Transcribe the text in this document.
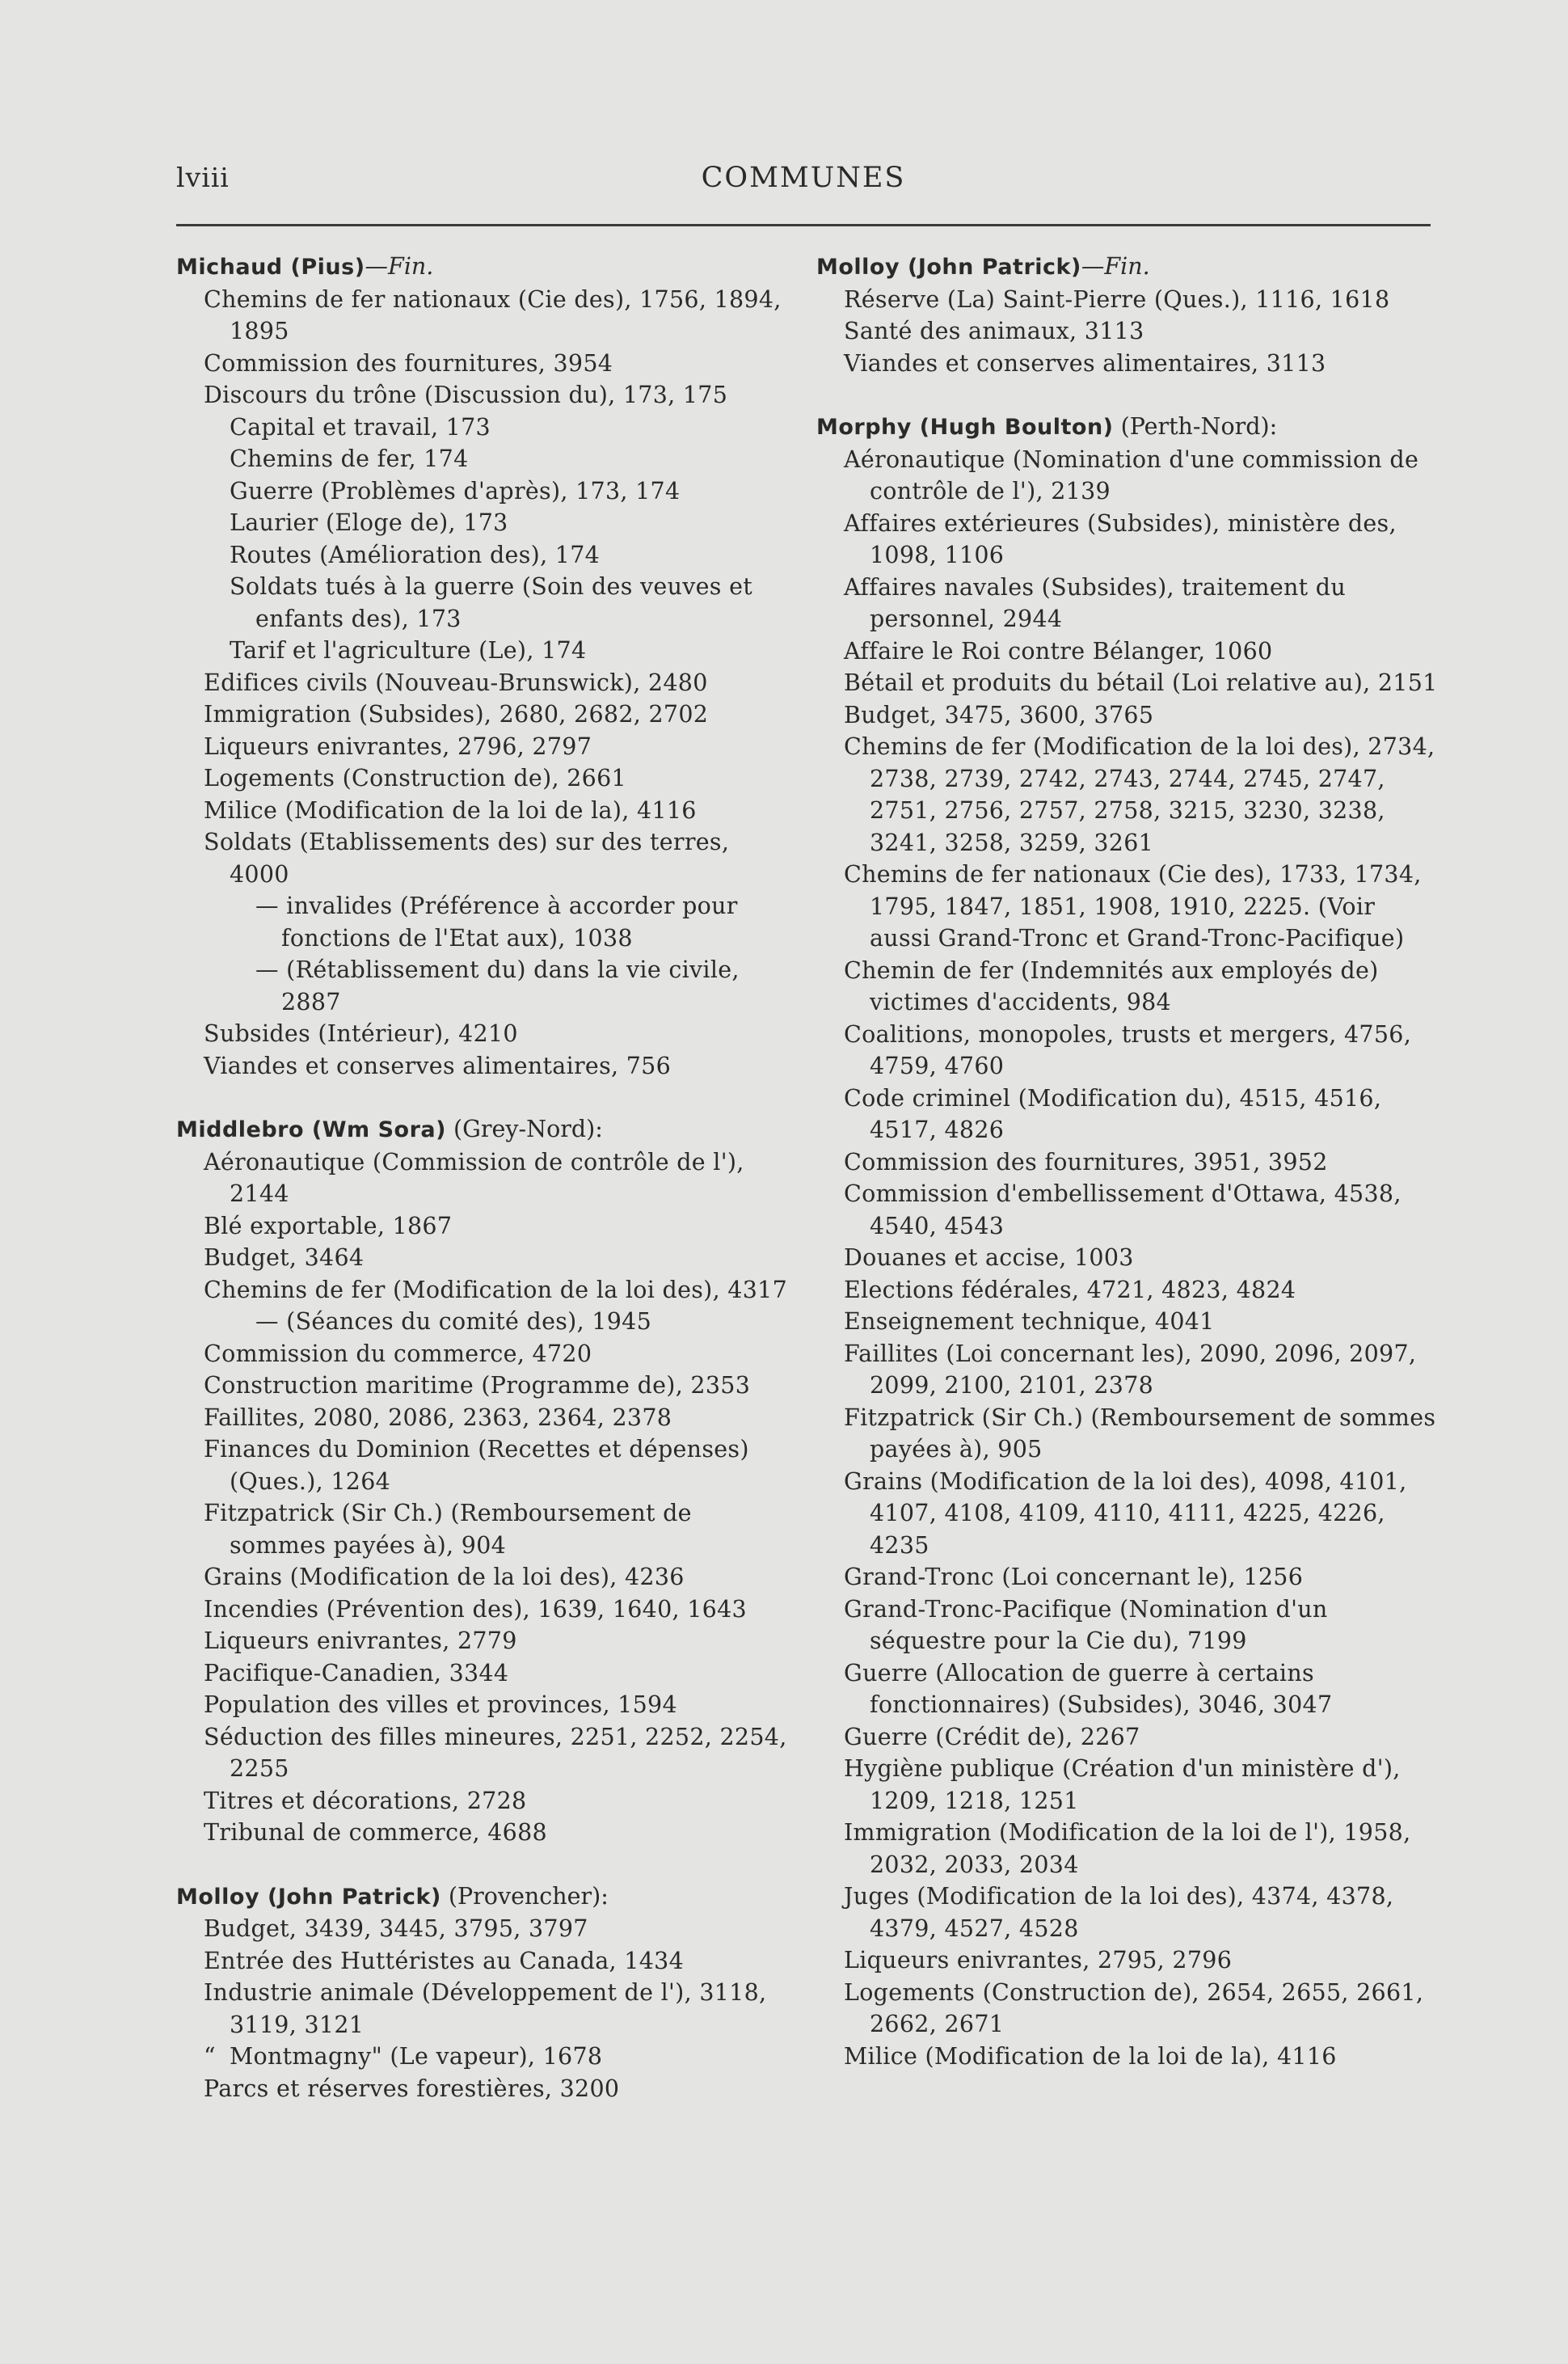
lviii	COMMUNES
Michaud (Pius)—Fin.
Chemins de fer nationaux (Cie des), 1756, 1894, 1895
Commission des fournitures, 3954
Discours du trône (Discussion du), 173, 175
Capital et travail, 173
Chemins de fer, 174
Guerre (Problèmes d'après), 173, 174
Laurier (Eloge de), 173
Routes (Amélioration des), 174
Soldats tués à la guerre (Soin des veuves et enfants des), 173
Tarif et l'agriculture (Le), 174
Edifices civils (Nouveau-Brunswick), 2480
Immigration (Subsides), 2680, 2682, 2702
Liqueurs enivrantes, 2796, 2797
Logements (Construction de), 2661
Milice (Modification de la loi de la), 4116
Soldats (Etablissements des) sur des terres, 4000
— invalides (Préférence à accorder pour fonctions de l'Etat aux), 1038
— (Rétablissement du) dans la vie civile, 2887
Subsides (Intérieur), 4210
Viandes et conserves alimentaires, 756
Middlebro (Wm Sora) (Grey-Nord):
Aéronautique (Commission de contrôle de l'), 2144
Blé exportable, 1867
Budget, 3464
Chemins de fer (Modification de la loi des), 4317
— (Séances du comité des), 1945
Commission du commerce, 4720
Construction maritime (Programme de), 2353
Faillites, 2080, 2086, 2363, 2364, 2378
Finances du Dominion (Recettes et dépenses) (Ques.), 1264
Fitzpatrick (Sir Ch.) (Remboursement de sommes payées à), 904
Grains (Modification de la loi des), 4236
Incendies (Prévention des), 1639, 1640, 1643
Liqueurs enivrantes, 2779
Pacifique-Canadien, 3344
Population des villes et provinces, 1594
Séduction des filles mineures, 2251, 2252, 2254, 2255
Titres et décorations, 2728
Tribunal de commerce, 4688
Molloy (John Patrick) (Provencher):
Budget, 3439, 3445, 3795, 3797
Entrée des Huttéristes au Canada, 1434
Industrie animale (Développement de l'), 3118, 3119, 3121
“ Montmagny" (Le vapeur), 1678
Parcs et réserves forestières, 3200
Molloy (John Patrick)—Fin.
Réserve (La) Saint-Pierre (Ques.), 1116, 1618
Santé des animaux, 3113
Viandes et conserves alimentaires, 3113
Morphy (Hugh Boulton) (Perth-Nord):
Aéronautique (Nomination d'une commission de contrôle de l'), 2139
Affaires extérieures (Subsides), ministère des, 1098, 1106
Affaires navales (Subsides), traitement du personnel, 2944
Affaire le Roi contre Bélanger, 1060
Bétail et produits du bétail (Loi relative au), 2151
Budget, 3475, 3600, 3765
Chemins de fer (Modification de la loi des), 2734, 2738, 2739, 2742, 2743, 2744, 2745, 2747, 2751, 2756, 2757, 2758, 3215, 3230, 3238, 3241, 3258, 3259, 3261
Chemins de fer nationaux (Cie des), 1733, 1734, 1795, 1847, 1851, 1908, 1910, 2225. (Voir aussi Grand-Tronc et Grand-Tronc-Pacifique)
Chemin de fer (Indemnités aux employés de) victimes d'accidents, 984
Coalitions, monopoles, trusts et mergers, 4756, 4759, 4760
Code criminel (Modification du), 4515, 4516, 4517, 4826
Commission des fournitures, 3951, 3952
Commission d'embellissement d'Ottawa, 4538, 4540, 4543
Douanes et accise, 1003
Elections fédérales, 4721, 4823, 4824
Enseignement technique, 4041
Faillites (Loi concernant les), 2090, 2096, 2097, 2099, 2100, 2101, 2378
Fitzpatrick (Sir Ch.) (Remboursement de sommes payées à), 905
Grains (Modification de la loi des), 4098, 4101, 4107, 4108, 4109, 4110, 4111, 4225, 4226, 4235
Grand-Tronc (Loi concernant le), 1256
Grand-Tronc-Pacifique (Nomination d'un séquestre pour la Cie du), 7199
Guerre (Allocation de guerre à certains fonctionnaires) (Subsides), 3046, 3047
Guerre (Crédit de), 2267
Hygiène publique (Création d'un ministère d'), 1209, 1218, 1251
Immigration (Modification de la loi de l'), 1958, 2032, 2033, 2034
Juges (Modification de la loi des), 4374, 4378, 4379, 4527, 4528
Liqueurs enivrantes, 2795, 2796
Logements (Construction de), 2654, 2655, 2661, 2662, 2671
Milice (Modification de la loi de la), 4116
